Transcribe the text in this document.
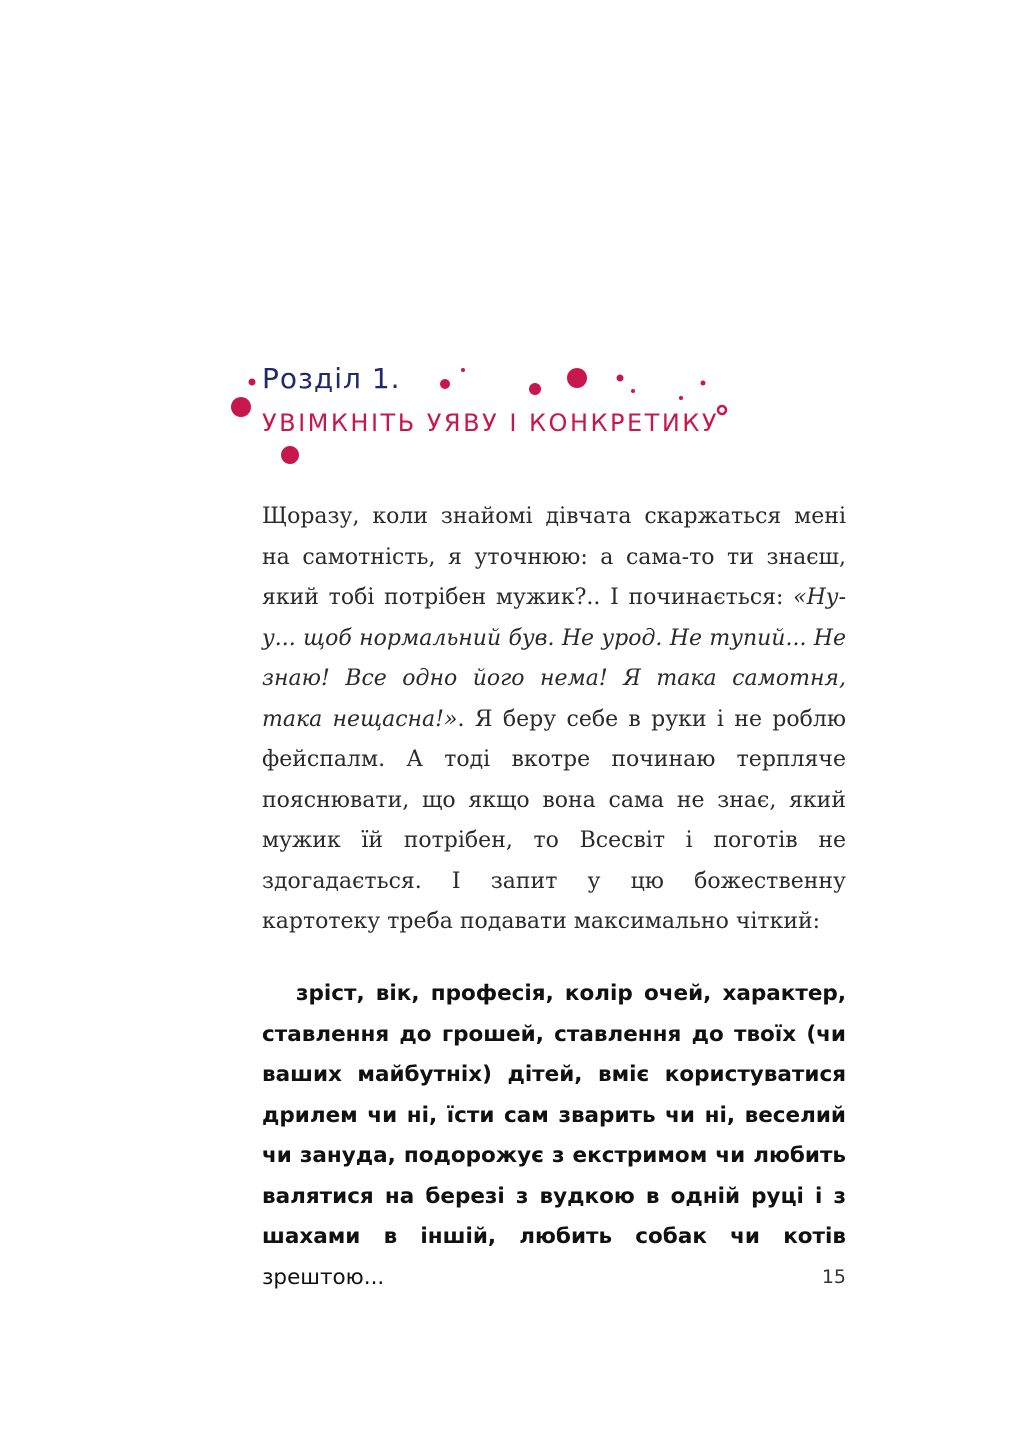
Розділ 1.

УВІМКНІТЬ УЯВУ І КОНКРЕТИКУ

Щоразу, коли знайомі дівчата скаржаться мені на самотність, я уточнюю: а сама-то ти знаєш, який тобі потрібен мужик?.. І починається: «Ну-у... щоб нормальний був. Не урод. Не тупий... Не знаю! Все одно його нема! Я така самотня, така нещасна!». Я беру себе в руки і не роблю фейспалм. А тоді вкотре починаю терпляче пояснювати, що якщо вона сама не знає, який мужик їй потрібен, то Всесвіт і поготів не здогадається. І запит у цю божественну картотеку треба подавати максимально чіткий:

зріст, вік, професія, колір очей, характер, ставлення до грошей, ставлення до твоїх (чи ваших майбутніх) дітей, вміє користуватися дрилем чи ні, їсти сам зварить чи ні, веселий чи зануда, подорожує з екстримом чи любить валятися на березі з вудкою в одній руці і з шахами в іншій, любить собак чи котів зрештою...	15
